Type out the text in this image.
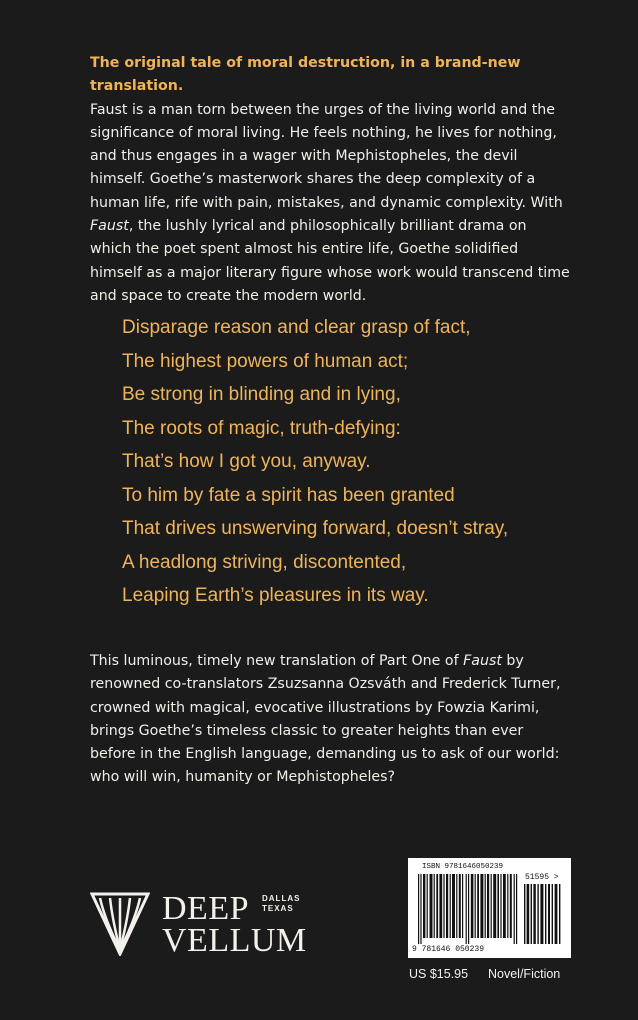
The original tale of moral destruction, in a brand-new translation.
Faust is a man torn between the urges of the living world and the significance of moral living. He feels nothing, he lives for nothing, and thus engages in a wager with Mephistopheles, the devil himself. Goethe’s masterwork shares the deep complexity of a human life, rife with pain, mistakes, and dynamic complexity. With Faust, the lushly lyrical and philosophically brilliant drama on which the poet spent almost his entire life, Goethe solidified himself as a major literary figure whose work would transcend time and space to create the modern world.
Disparage reason and clear grasp of fact,
The highest powers of human act;
Be strong in blinding and in lying,
The roots of magic, truth-defying:
That’s how I got you, anyway.
To him by fate a spirit has been granted
That drives unswerving forward, doesn’t stray,
A headlong striving, discontented,
Leaping Earth’s pleasures in its way.
This luminous, timely new translation of Part One of Faust by renowned co-translators Zsuzsanna Ozsváth and Frederick Turner, crowned with magical, evocative illustrations by Fowzia Karimi, brings Goethe’s timeless classic to greater heights than ever before in the English language, demanding us to ask of our world: who will win, humanity or Mephistopheles?
DEEP DALLAS
TEXAS
VELLUM
ISBN 9781646050239
51595 >
9 781646 050239
US $15.95 Novel/Fiction
